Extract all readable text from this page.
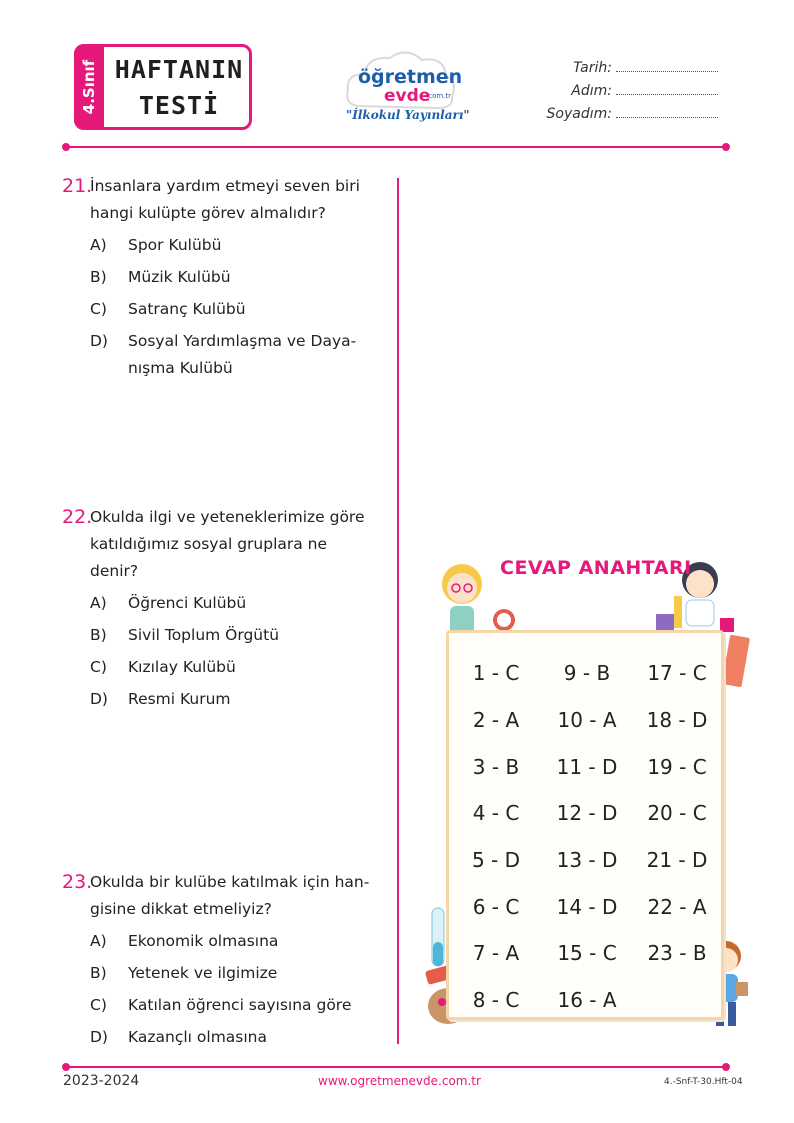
4.Sınıf HAFTANIN
TESTİ
öğretmen
evde
.com.tr
"İlkokul Yayınları"
Tarih:
Adım:
Soyadım:
21.
İnsanlara yardım etmeyi seven biri
hangi kulüpte görev almalıdır?
A) Spor Kulübü
B) Müzik Kulübü
C) Satranç Kulübü
D) Sosyal Yardımlaşma ve Daya-
nışma Kulübü
22.
Okulda ilgi ve yeteneklerimize göre
katıldığımız sosyal gruplara ne
denir?
A) Öğrenci Kulübü
B) Sivil Toplum Örgütü
C) Kızılay Kulübü
D) Resmi Kurum
23.
Okulda bir kulübe katılmak için han-
gisine dikkat etmeliyiz?
A) Ekonomik olmasına
B) Yetenek ve ilgimize
C) Katılan öğrenci sayısına göre
D) Kazançlı olmasına
CEVAP ANAHTARI
1 - C
2 - A
3 - B
4 - C
5 - D
6 - C
7 - A
8 - C
9 - B
10 - A
11 - D
12 - D
13 - D
14 - D
15 - C
16 - A
17 - C
18 - D
19 - C
20 - C
21 - D
22 - A
23 - B
2023-2024	www.ogretmenevde.com.tr	4.-Snf-T-30.Hft-04
